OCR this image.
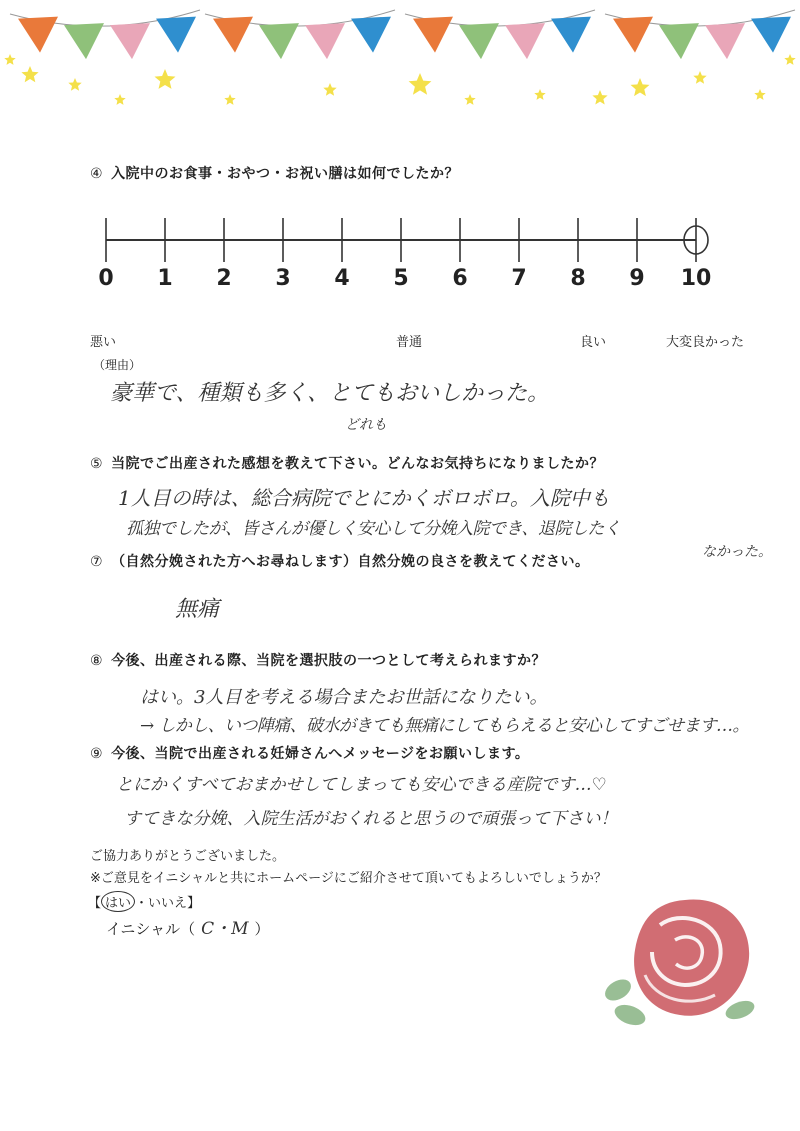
④ 入院中のお食事・おやつ・お祝い膳は如何でしたか？
0	1	2	3	4	5	6	7	8	9	10
悪い	普通	良い	大変良かった
（理由）
豪華で、種類も多く、とてもおいしかった。
どれも
⑤ 当院でご出産された感想を教えて下さい。どんなお気持ちになりましたか？
1人目の時は、総合病院でとにかくボロボロ。入院中も
孤独でしたが、皆さんが優しく安心して分娩入院でき、退院したく
なかった。
⑦ （自然分娩された方へお尋ねします）自然分娩の良さを教えてください。
無痛
⑧ 今後、出産される際、当院を選択肢の一つとして考えられますか？
はい。3人目を考える場合またお世話になりたい。
→ しかし、いつ陣痛、破水がきても無痛にしてもらえると安心してすごせます…。
⑨ 今後、当院で出産される妊婦さんへメッセージをお願いします。
とにかくすべておまかせしてしまっても安心できる産院です…♡
すてきな分娩、入院生活がおくれると思うので頑張って下さい！
ご協力ありがとうございました。
※ご意見をイニシャルと共にホームページにご紹介させて頂いてもよろしいでしょうか？
【 はい ・いいえ】
イニシャル（ C・M ）
